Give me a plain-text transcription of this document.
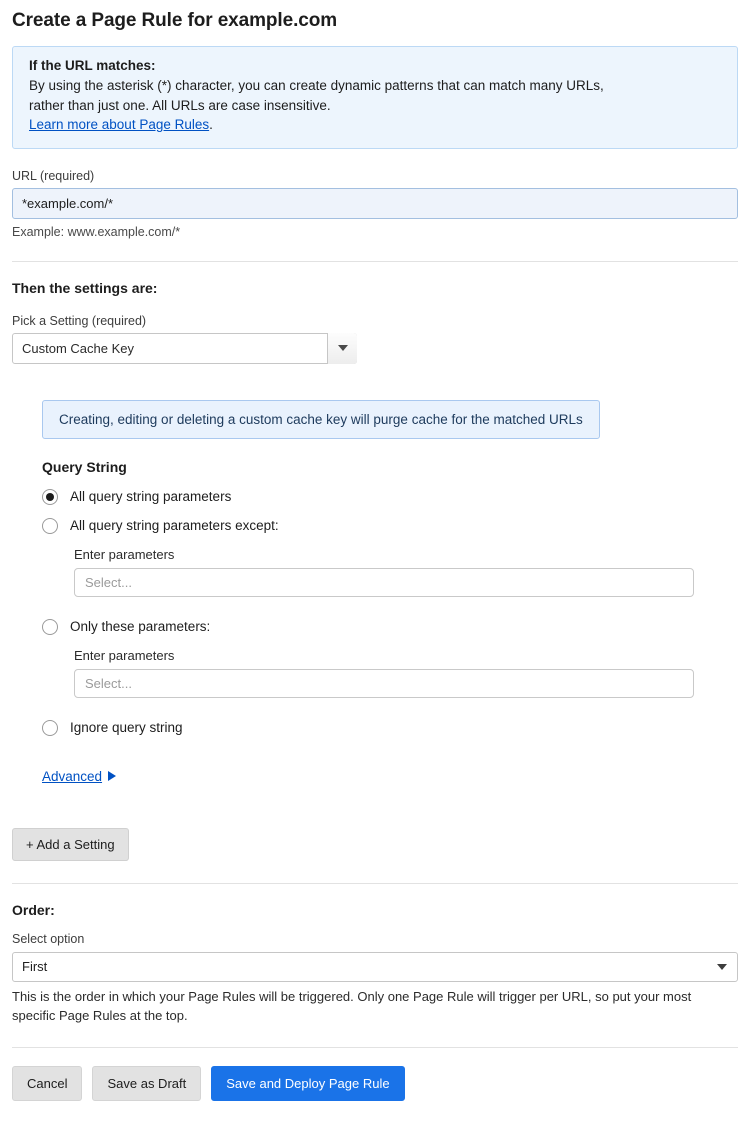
Create a Page Rule for example.com
If the URL matches:
By using the asterisk (*) character, you can create dynamic patterns that can match many URLs,
rather than just one. All URLs are case insensitive.
Learn more about Page Rules.
URL (required)
*example.com/*
Example: www.example.com/*
Then the settings are:
Pick a Setting (required)
Custom Cache Key
Creating, editing or deleting a custom cache key will purge cache for the matched URLs
Query String
All query string parameters
All query string parameters except:
Enter parameters
Select...
Only these parameters:
Enter parameters
Select...
Ignore query string
Advanced
+ Add a Setting
Order:
Select option
First
This is the order in which your Page Rules will be triggered. Only one Page Rule will trigger per URL, so put your most specific Page Rules at the top.
Cancel	Save as Draft	Save and Deploy Page Rule
